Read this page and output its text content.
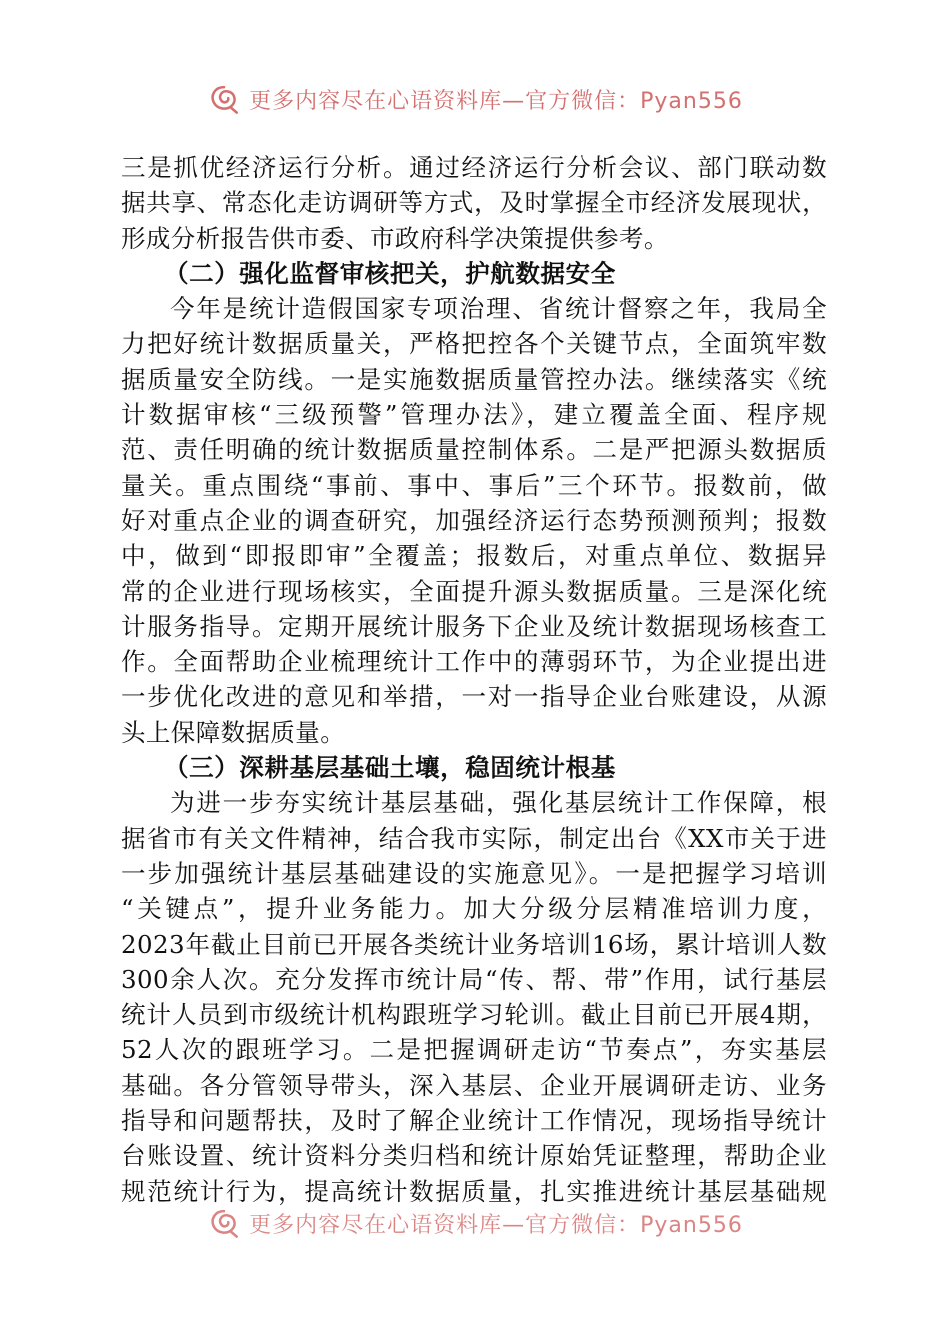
更多内容尽在心语资料库—官方微信：Pyan556
三是抓优经济运行分析。通过经济运行分析会议、部门联动数
据共享、常态化走访调研等方式，及时掌握全市经济发展现状，
形成分析报告供市委、市政府科学决策提供参考。
（二）强化监督审核把关，护航数据安全
今年是统计造假国家专项治理、省统计督察之年，我局全
力把好统计数据质量关，严格把控各个关键节点，全面筑牢数
据质量安全防线。一是实施数据质量管控办法。继续落实《统
计数据审核“三级预警”管理办法》，建立覆盖全面、程序规
范、责任明确的统计数据质量控制体系。二是严把源头数据质
量关。重点围绕“事前、事中、事后”三个环节。报数前，做
好对重点企业的调查研究，加强经济运行态势预测预判；报数
中，做到“即报即审”全覆盖；报数后，对重点单位、数据异
常的企业进行现场核实，全面提升源头数据质量。三是深化统
计服务指导。定期开展统计服务下企业及统计数据现场核查工
作。全面帮助企业梳理统计工作中的薄弱环节，为企业提出进
一步优化改进的意见和举措，一对一指导企业台账建设，从源
头上保障数据质量。
（三）深耕基层基础土壤，稳固统计根基
为进一步夯实统计基层基础，强化基层统计工作保障，根
据省市有关文件精神，结合我市实际，制定出台《XX市关于进
一步加强统计基层基础建设的实施意见》。一是把握学习培训
“关键点”，提升业务能力。加大分级分层精准培训力度，
2023年截止目前已开展各类统计业务培训16场，累计培训人数
300余人次。充分发挥市统计局“传、帮、带”作用，试行基层
统计人员到市级统计机构跟班学习轮训。截止目前已开展4期，
52人次的跟班学习。二是把握调研走访“节奏点”，夯实基层
基础。各分管领导带头，深入基层、企业开展调研走访、业务
指导和问题帮扶，及时了解企业统计工作情况，现场指导统计
台账设置、统计资料分类归档和统计原始凭证整理，帮助企业
规范统计行为，提高统计数据质量，扎实推进统计基层基础规
更多内容尽在心语资料库—官方微信：Pyan556
